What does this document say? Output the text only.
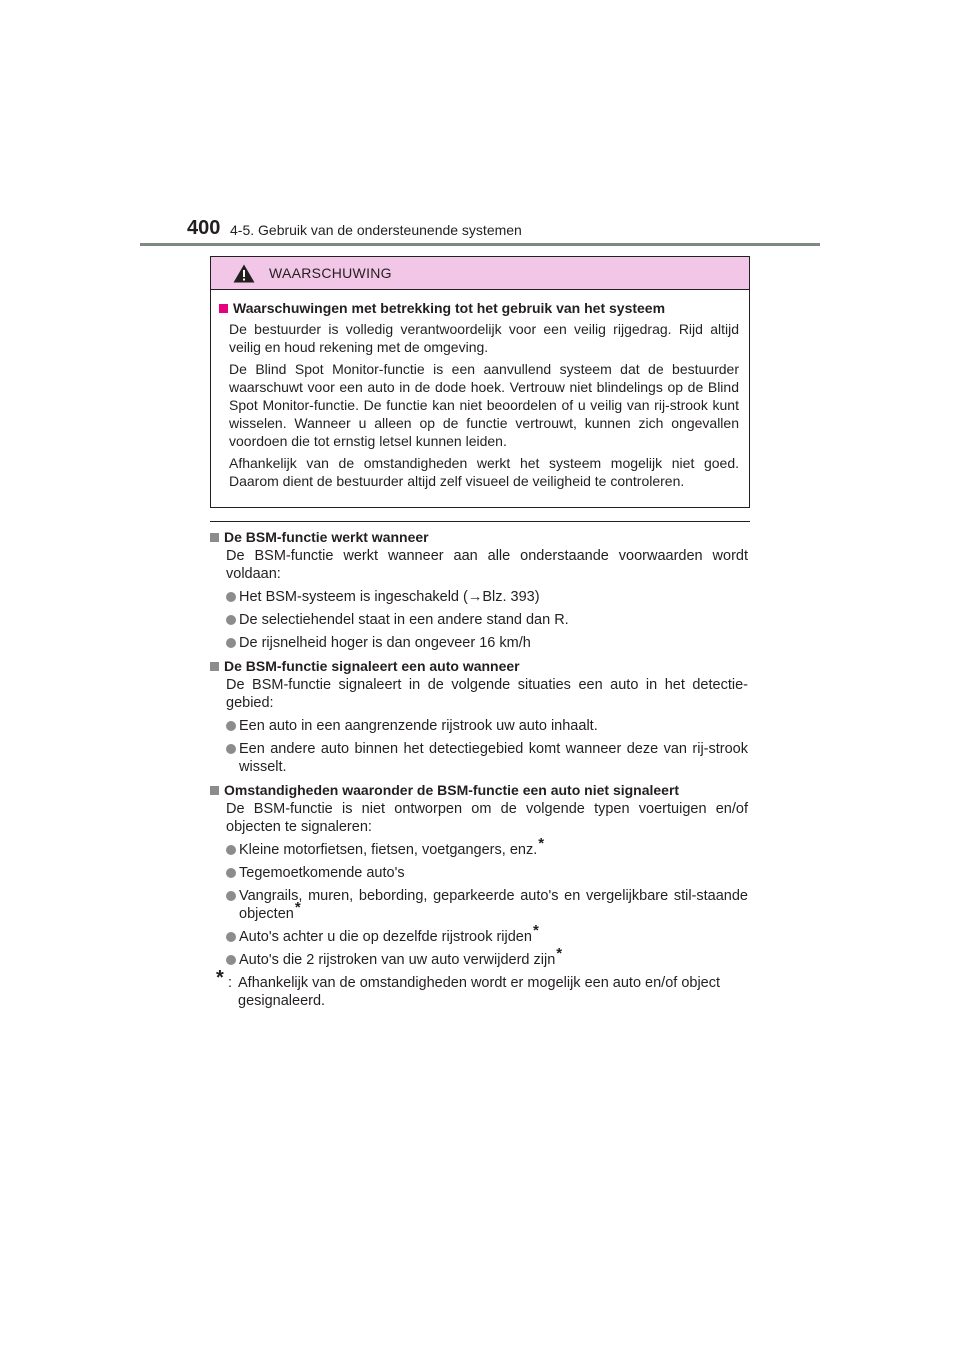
400 4-5. Gebruik van de ondersteunende systemen
WAARSCHUWING
Waarschuwingen met betrekking tot het gebruik van het systeem
De bestuurder is volledig verantwoordelijk voor een veilig rijgedrag. Rijd altijd veilig en houd rekening met de omgeving.
De Blind Spot Monitor-functie is een aanvullend systeem dat de bestuurder waarschuwt voor een auto in de dode hoek. Vertrouw niet blindelings op de Blind Spot Monitor-functie. De functie kan niet beoordelen of u veilig van rij-strook kunt wisselen. Wanneer u alleen op de functie vertrouwt, kunnen zich ongevallen voordoen die tot ernstig letsel kunnen leiden.
Afhankelijk van de omstandigheden werkt het systeem mogelijk niet goed. Daarom dient de bestuurder altijd zelf visueel de veiligheid te controleren.
De BSM-functie werkt wanneer
De BSM-functie werkt wanneer aan alle onderstaande voorwaarden wordt voldaan:
Het BSM-systeem is ingeschakeld (→Blz. 393)
De selectiehendel staat in een andere stand dan R.
De rijsnelheid hoger is dan ongeveer 16 km/h
De BSM-functie signaleert een auto wanneer
De BSM-functie signaleert in de volgende situaties een auto in het detectie-gebied:
Een auto in een aangrenzende rijstrook uw auto inhaalt.
Een andere auto binnen het detectiegebied komt wanneer deze van rij-strook wisselt.
Omstandigheden waaronder de BSM-functie een auto niet signaleert
De BSM-functie is niet ontworpen om de volgende typen voertuigen en/of objecten te signaleren:
Kleine motorfietsen, fietsen, voetgangers, enz.*
Tegemoetkomende auto's
Vangrails, muren, bebording, geparkeerde auto's en vergelijkbare stil-staande objecten*
Auto's achter u die op dezelfde rijstrook rijden*
Auto's die 2 rijstroken van uw auto verwijderd zijn*
* : Afhankelijk van de omstandigheden wordt er mogelijk een auto en/of object gesignaleerd.
